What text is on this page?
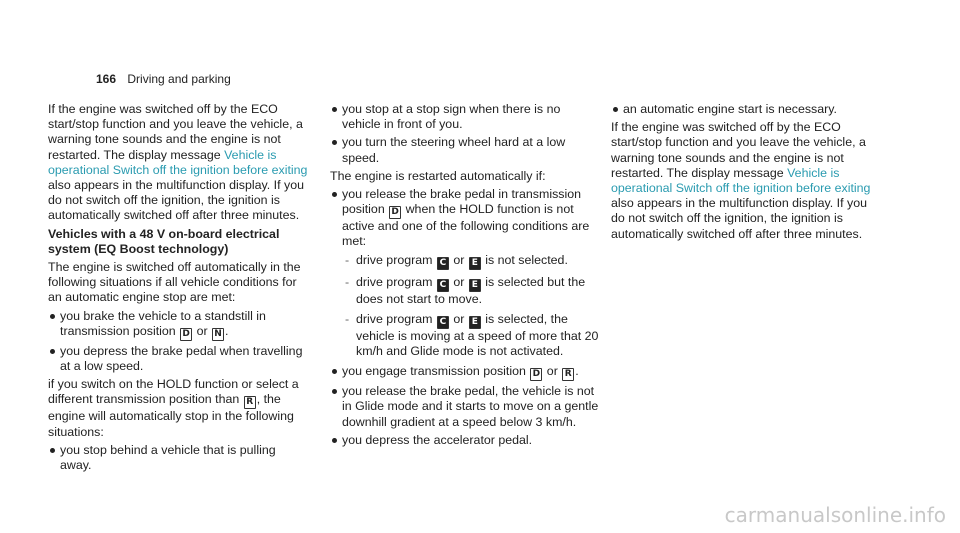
166 Driving and parking

If the engine was switched off by the ECO start/stop function and you leave the vehicle, a warning tone sounds and the engine is not restarted. The display message Vehicle is operational Switch off the ignition before exiting also appears in the multifunction display. If you do not switch off the ignition, the ignition is automatically switched off after three minutes.

Vehicles with a 48 V on-board electrical system (EQ Boost technology)

The engine is switched off automatically in the following situations if all vehicle conditions for an automatic engine stop are met:

you brake the vehicle to a standstill in transmission position D or N .
you depress the brake pedal when travelling at a low speed.

if you switch on the HOLD function or select a different transmission position than R , the engine will automatically stop in the following situations:

you stop behind a vehicle that is pulling away.
you stop at a stop sign when there is no vehicle in front of you.
you turn the steering wheel hard at a low speed.

The engine is restarted automatically if:

you release the brake pedal in transmission position D when the HOLD function is not active and one of the following conditions are met:
- drive program C or E is not selected.
- drive program C or E is selected but the does not start to move.
- drive program C or E is selected, the vehicle is moving at a speed of more that 20 km/h and Glide mode is not activated.
you engage transmission position D or R .
you release the brake pedal, the vehicle is not in Glide mode and it starts to move on a gentle downhill gradient at a speed below 3 km/h.
you depress the accelerator pedal.
an automatic engine start is necessary.

If the engine was switched off by the ECO start/stop function and you leave the vehicle, a warning tone sounds and the engine is not restarted. The display message Vehicle is operational Switch off the ignition before exiting also appears in the multifunction display. If you do not switch off the ignition, the ignition is automatically switched off after three minutes.

carmanualsonline.info
